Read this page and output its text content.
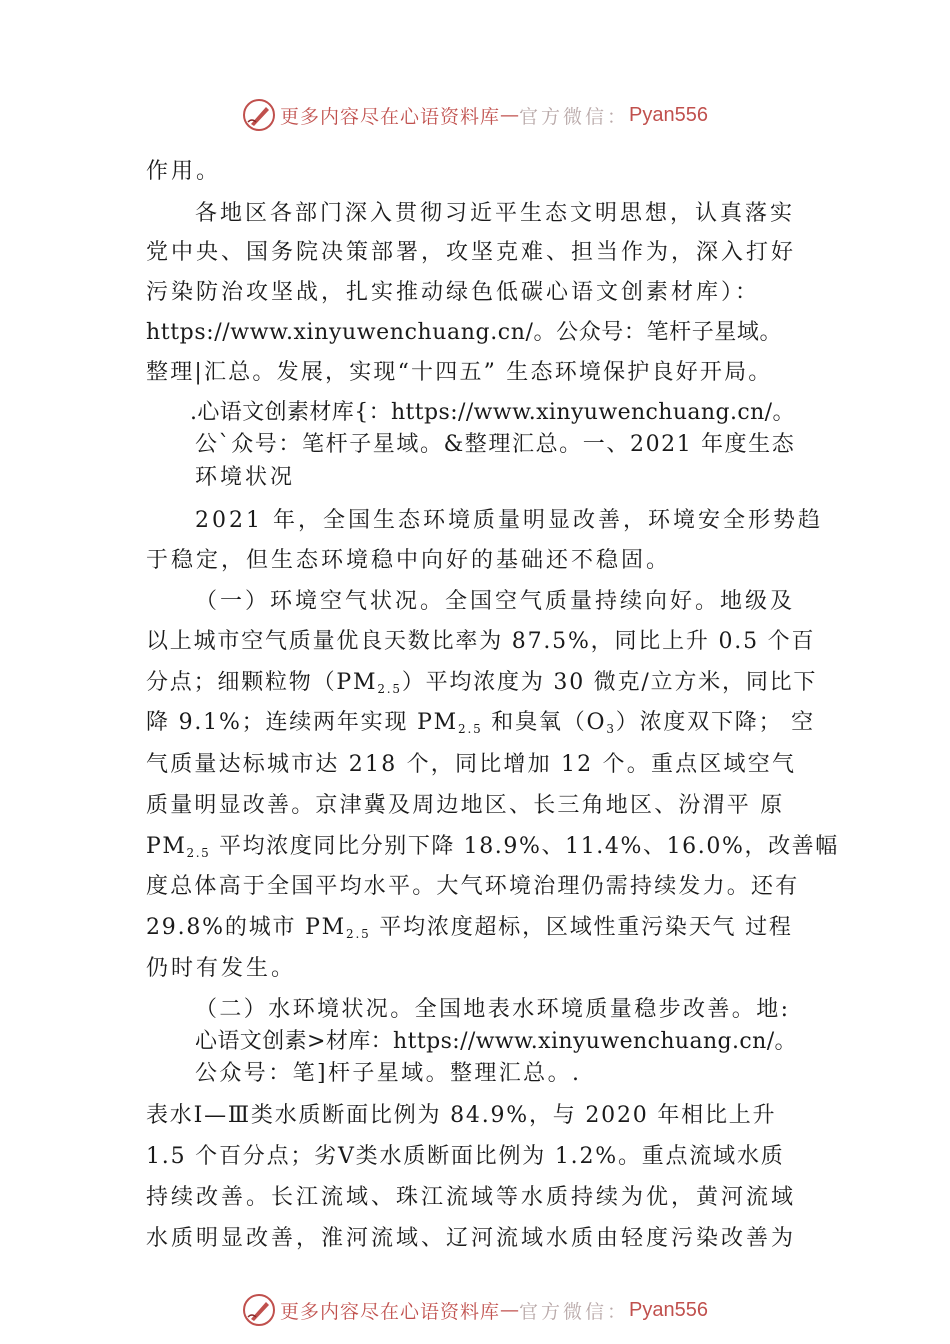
更多内容尽在心语资料库 — 官方微信： Pyan556

作用。

各地区各部门深入贯彻习近平生态文明思想，认真落实

党中央、国务院决策部署，攻坚克难、担当作为，深入打好

污染防治攻坚战，扎实推动绿色低碳心语文创素材库）：

https://www.xinyuwenchuang.cn/。公众号：笔杆子星域。

整理|汇总。发展，实现“十四五” 生态环境保护良好开局。

.心语文创素材库{：https://www.xinyuwenchuang.cn/。

公`众号：笔杆子星域。&整理汇总。一、2021 年度生态

环境状况

2021 年，全国生态环境质量明显改善，环境安全形势趋

于稳定，但生态环境稳中向好的基础还不稳固。

（一）环境空气状况。全国空气质量持续向好。地级及

以上城市空气质量优良天数比率为 87.5%，同比上升 0.5 个百

分点；细颗粒物$(PM_{2.5})$平均浓度为 30 微克/立方米，同比下

降 9.1%；连续两年实现 $PM_{2.5}$ 和臭氧$(O_3)$浓度双下降； 空

气质量达标城市达 218 个，同比增加 12 个。重点区域空气

质量明显改善。京津冀及周边地区、长三角地区、汾渭平 原

$PM_{2.5}$ 平均浓度同比分别下降 18.9%、11.4%、16.0%，改善幅

度总体高于全国平均水平。大气环境治理仍需持续发力。还有

29.8%的城市 $PM_{2.5}$ 平均浓度超标，区域性重污染天气 过程

仍时有发生。

（二）水环境状况。全国地表水环境质量稳步改善。地:

心语文创素>材库：https://www.xinyuwenchuang.cn/。

公众号：笔]杆子星域。整理汇总。.

表水Ⅰ—Ⅲ类水质断面比例为 84.9%，与 2020 年相比上升

1.5 个百分点；劣Ⅴ类水质断面比例为 1.2%。重点流域水质

持续改善。长江流域、珠江流域等水质持续为优，黄河流域

水质明显改善，淮河流域、辽河流域水质由轻度污染改善为

更多内容尽在心语资料库 — 官方微信： Pyan556
